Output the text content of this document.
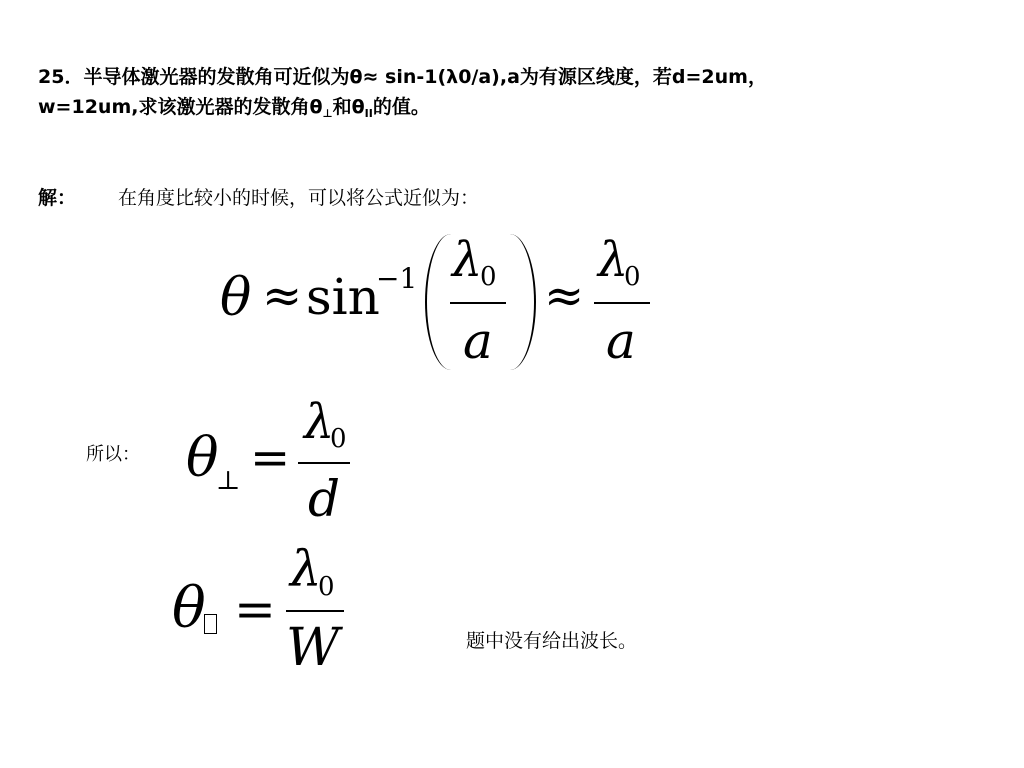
25．半导体激光器的发散角可近似为θ≈ sin-1(λ0/a),a为有源区线度，若d=2um，
w=12um,求该激光器的发散角$\theta_\perp$和$\theta_{II}$的值。
解： 在角度比较小的时候，可以将公式近似为：
θ ≈ sin
−1 λ
0
a
≈
λ
0
a
所以： θ
⊥ =
λ
0
d
θ =
λ
0
W	题中没有给出波长。
